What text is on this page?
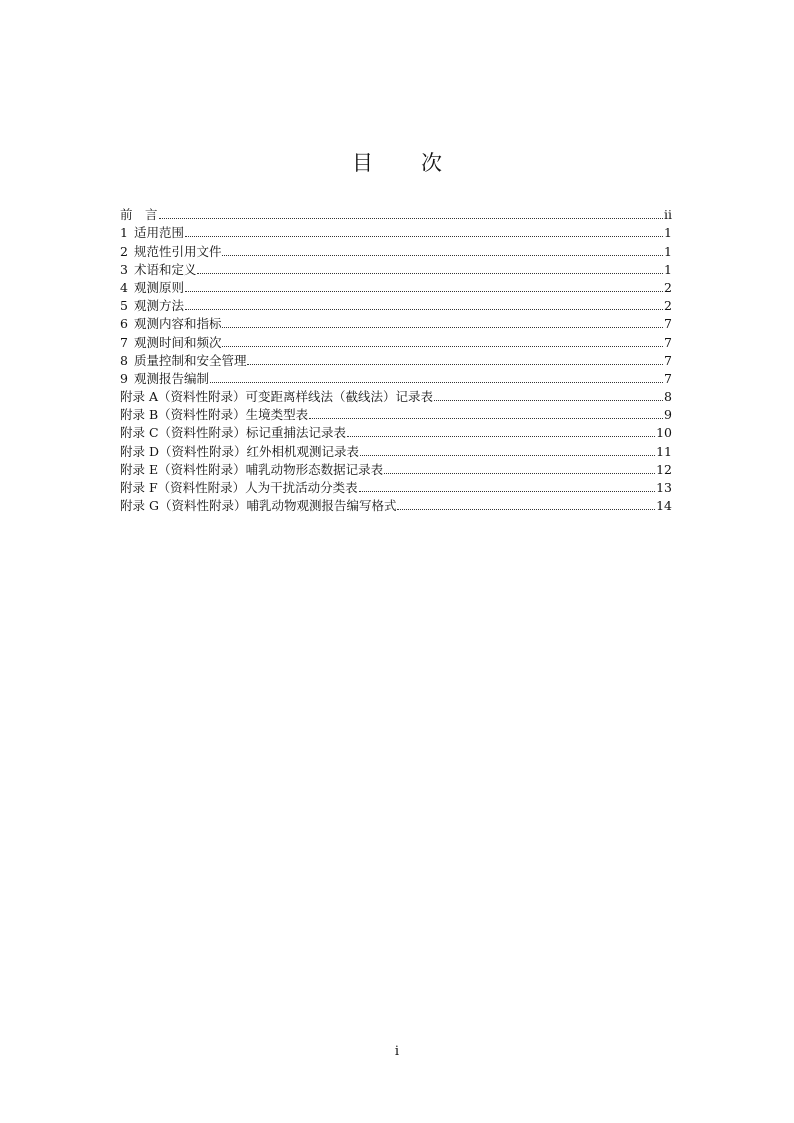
目 次
前　言	ii
1 适用范围	1
2 规范性引用文件	1
3 术语和定义	1
4 观测原则	2
5 观测方法	2
6 观测内容和指标	7
7 观测时间和频次	7
8 质量控制和安全管理	7
9 观测报告编制	7
附录 A（资料性附录）可变距离样线法（截线法）记录表	8
附录 B（资料性附录）生境类型表	9
附录 C（资料性附录）标记重捕法记录表	10
附录 D（资料性附录）红外相机观测记录表	11
附录 E（资料性附录）哺乳动物形态数据记录表	12
附录 F（资料性附录）人为干扰活动分类表	13
附录 G（资料性附录）哺乳动物观测报告编写格式	14
i
